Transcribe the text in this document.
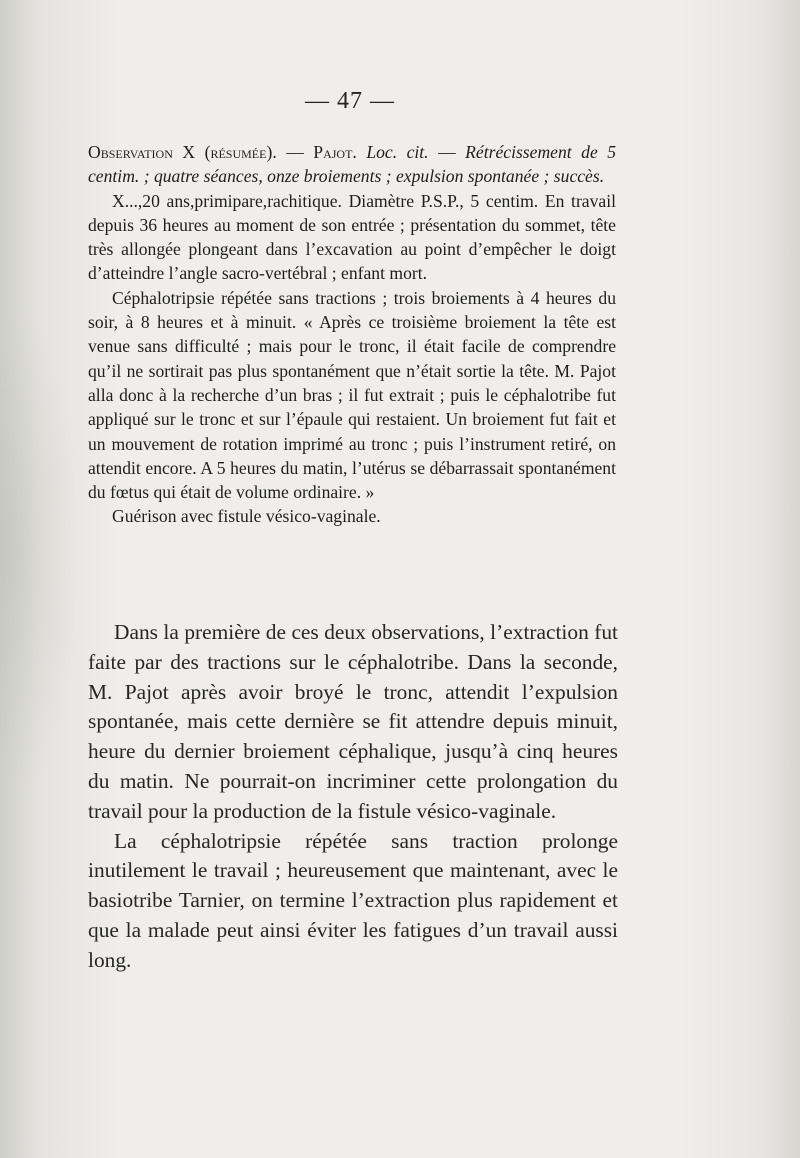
— 47 —

Observation X (résumée). — Pajot. Loc. cit. — Rétrécissement de 5 centim. ; quatre séances, onze broiements ; expulsion spontanée ; succès.

X...,20 ans,primipare,rachitique. Diamètre P.S.P., 5 centim. En travail depuis 36 heures au moment de son entrée ; présentation du sommet, tête très allongée plongeant dans l’excavation au point d’empêcher le doigt d’atteindre l’angle sacro-vertébral ; enfant mort.

Céphalotripsie répétée sans tractions ; trois broiements à 4 heures du soir, à 8 heures et à minuit. « Après ce troisième broiement la tête est venue sans difficulté ; mais pour le tronc, il était facile de comprendre qu’il ne sortirait pas plus spontanément que n’était sortie la tête. M. Pajot alla donc à la recherche d’un bras ; il fut extrait ; puis le céphalotribe fut appliqué sur le tronc et sur l’épaule qui restaient. Un broiement fut fait et un mouvement de rotation imprimé au tronc ; puis l’instrument retiré, on attendit encore. A 5 heures du matin, l’utérus se débarrassait spontanément du fœtus qui était de volume ordinaire. »

Guérison avec fistule vésico-vaginale.

Dans la première de ces deux observations, l’extraction fut faite par des tractions sur le céphalotribe. Dans la seconde, M. Pajot après avoir broyé le tronc, attendit l’expulsion spontanée, mais cette dernière se fit attendre depuis minuit, heure du dernier broiement céphalique, jusqu’à cinq heures du matin. Ne pourrait-on incriminer cette prolongation du travail pour la production de la fistule vésico-vaginale.

La céphalotripsie répétée sans traction prolonge inutilement le travail ; heureusement que maintenant, avec le basiotribe Tarnier, on termine l’extraction plus rapidement et que la malade peut ainsi éviter les fatigues d’un travail aussi long.
